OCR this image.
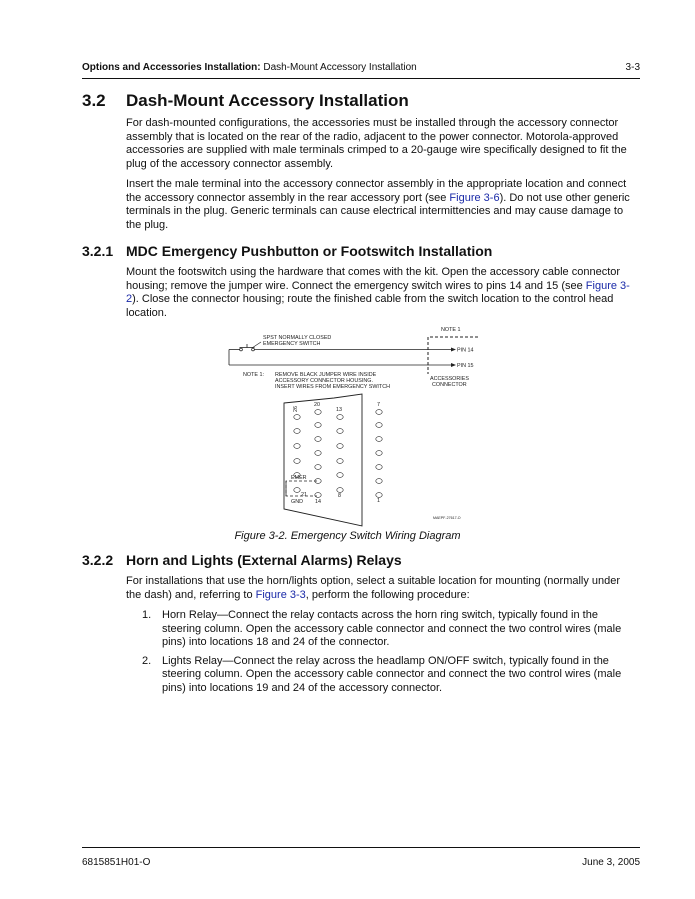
Options and Accessories Installation: Dash-Mount Accessory Installation	3-3
3.2 Dash-Mount Accessory Installation
For dash-mounted configurations, the accessories must be installed through the accessory connector assembly that is located on the rear of the radio, adjacent to the power connector. Motorola-approved accessories are supplied with male terminals crimped to a 20-gauge wire specifically designed to fit the plug of the accessory connector assembly.
Insert the male terminal into the accessory connector assembly in the appropriate location and connect the accessory connector assembly in the rear accessory port (see Figure 3-6). Do not use other generic terminals in the plug. Generic terminals can cause electrical intermittencies and may cause damage to the plug.
3.2.1 MDC Emergency Pushbutton or Footswitch Installation
Mount the footswitch using the hardware that comes with the kit. Open the accessory cable connector housing; remove the jumper wire. Connect the emergency switch wires to pins 14 and 15 (see Figure 3-2). Close the connector housing; route the finished cable from the switch location to the control head location.
SPST NORMALLY CLOSED
EMERGENCY SWITCH
PIN 14
PIN 15
NOTE 1
ACCESSORIES
CONNECTOR
NOTE 1: REMOVE BLACK JUMPER WIRE INSIDE
ACCESSORY CONNECTOR HOUSING.
INSERT WIRES FROM EMERGENCY SWITCH
26
20
13
7
21
14
8
1
EMER
GND
MAEPF-27617-O
Figure 3-2. Emergency Switch Wiring Diagram
3.2.2 Horn and Lights (External Alarms) Relays
For installations that use the horn/lights option, select a suitable location for mounting (normally under the dash) and, referring to Figure 3-3, perform the following procedure:
1. Horn Relay—Connect the relay contacts across the horn ring switch, typically found in the steering column. Open the accessory cable connector and connect the two control wires (male pins) into locations 18 and 24 of the connector.
2. Lights Relay—Connect the relay across the headlamp ON/OFF switch, typically found in the steering column. Open the accessory cable connector and connect the two control wires (male pins) into locations 19 and 24 of the accessory connector.
6815851H01-O	June 3, 2005
